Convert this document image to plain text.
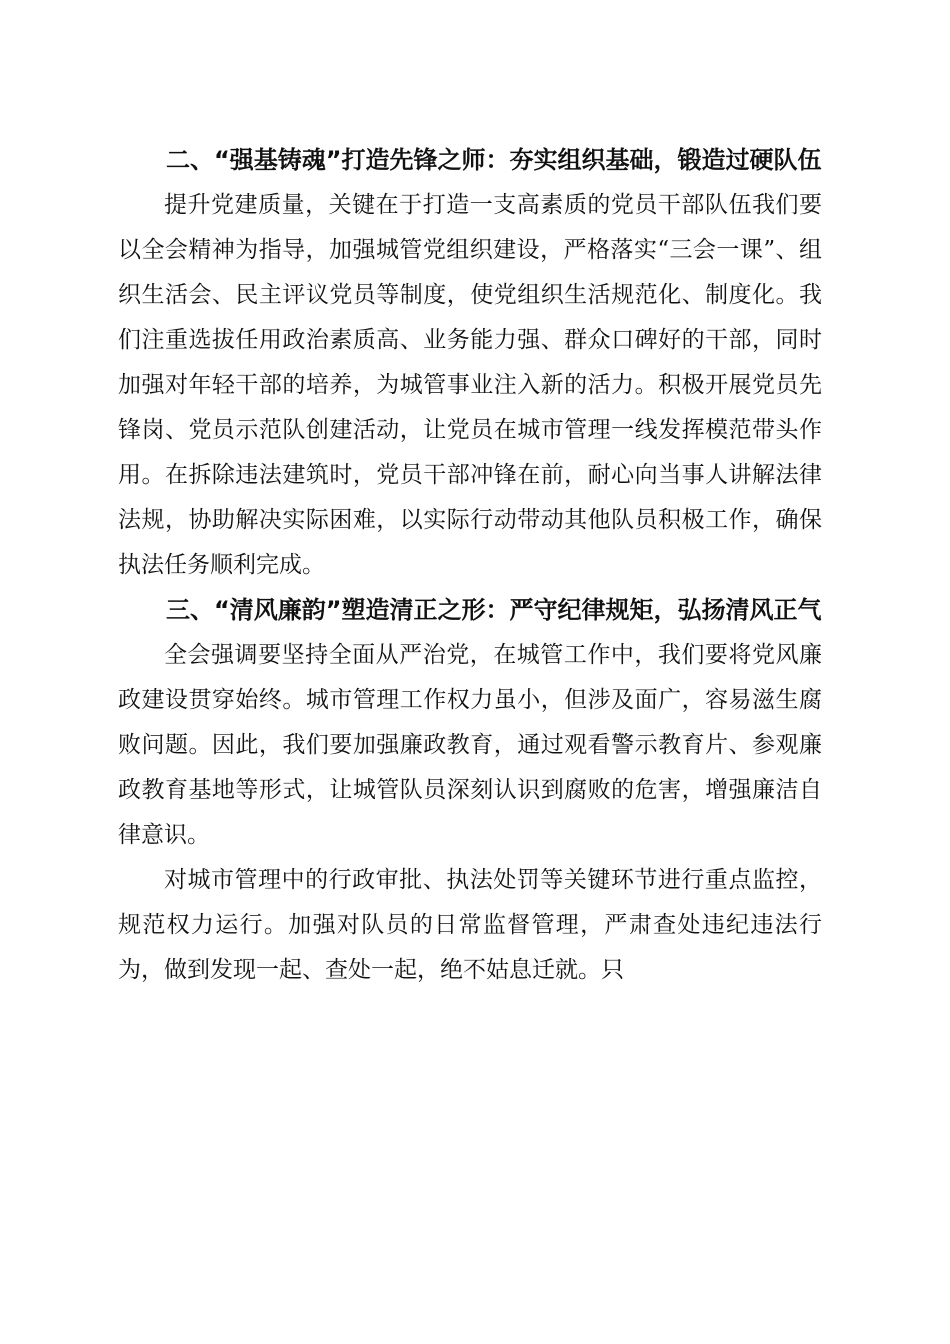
二、“强基铸魂”打造先锋之师：夯实组织基础，锻造过硬队伍

提升党建质量，关键在于打造一支高素质的党员干部队伍我们要以全会精神为指导，加强城管党组织建设，严格落实“三会一课”、组织生活会、民主评议党员等制度，使党组织生活规范化、制度化。我们注重选拔任用政治素质高、业务能力强、群众口碑好的干部，同时加强对年轻干部的培养，为城管事业注入新的活力。积极开展党员先锋岗、党员示范队创建活动，让党员在城市管理一线发挥模范带头作用。在拆除违法建筑时，党员干部冲锋在前，耐心向当事人讲解法律法规，协助解决实际困难，以实际行动带动其他队员积极工作，确保执法任务顺利完成。

三、“清风廉韵”塑造清正之形：严守纪律规矩，弘扬清风正气

全会强调要坚持全面从严治党，在城管工作中，我们要将党风廉政建设贯穿始终。城市管理工作权力虽小，但涉及面广，容易滋生腐败问题。因此，我们要加强廉政教育，通过观看警示教育片、参观廉政教育基地等形式，让城管队员深刻认识到腐败的危害，增强廉洁自律意识。

对城市管理中的行政审批、执法处罚等关键环节进行重点监控，规范权力运行。加强对队员的日常监督管理，严肃查处违纪违法行为，做到发现一起、查处一起，绝不姑息迁就。只
